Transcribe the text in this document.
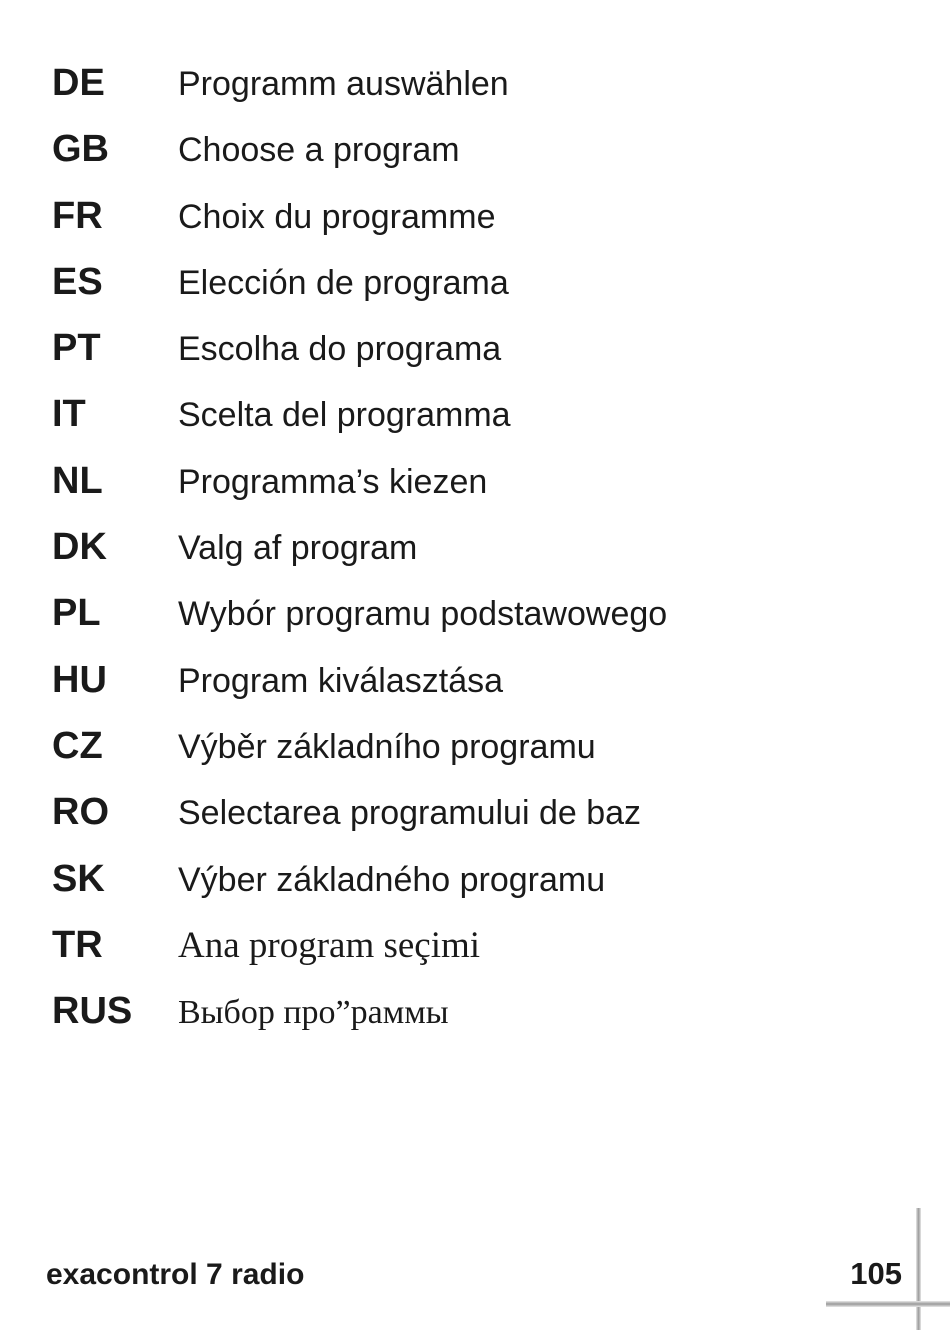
DE	Programm auswählen
GB	Choose a program
FR	Choix du programme
ES	Elección de programa
PT	Escolha do programa
IT	Scelta del programma
NL	Programma’s kiezen
DK	Valg af program
PL	Wybór programu podstawowego
HU	Program kiválasztása
CZ	Výběr základního programu
RO	Selectarea programului de baz
SK	Výber základného programu
TR	Ana program seçimi
RUS	Выбор про”раммы
exacontrol 7 radio	105
